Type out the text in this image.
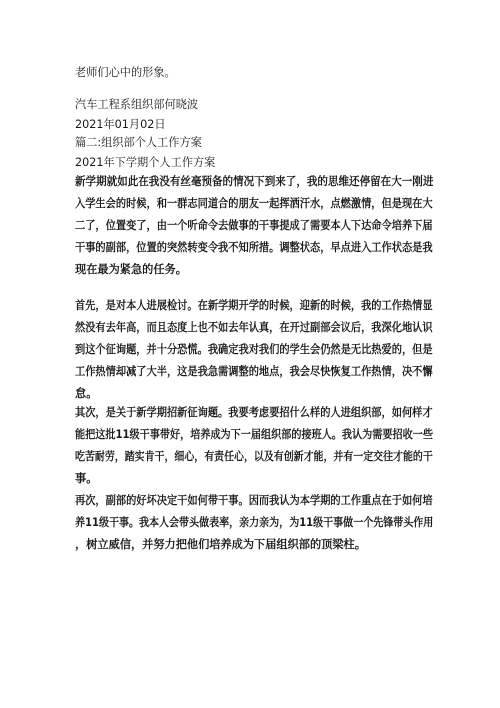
老师们心中的形象。
汽车工程系组织部何晓波
2021年01月02日
篇二:组织部个人工作方案
2021年下学期个人工作方案
新学期就如此在我没有丝毫预备的情况下到来了，我的思维还停留在大一刚进
入学生会的时候，和一群志同道合的朋友一起挥洒汗水，点燃激情，但是现在大
二了，位置变了，由一个听命令去做事的干事提成了需要本人下达命令培养下届
干事的副部，位置的突然转变令我不知所措。调整状态，早点进入工作状态是我
现在最为紧急的任务。
首先，是对本人进展检讨。在新学期开学的时候，迎新的时候，我的工作热情显
然没有去年高，而且态度上也不如去年认真，在开过副部会议后，我深化地认识
到这个征询题，并十分恐慌。我确定我对我们的学生会仍然是无比热爱的，但是
工作热情却减了大半，这是我急需调整的地点，我会尽快恢复工作热情，决不懈
怠。
其次，是关于新学期招新征询题。我要考虑要招什么样的人进组织部，如何样才
能把这批11级干事带好，培养成为下一届组织部的接班人。我认为需要招收一些
吃苦耐劳，踏实肯干，细心，有责任心，以及有创新才能，并有一定交往才能的干
事。
再次，副部的好坏决定干如何带干事。因而我认为本学期的工作重点在于如何培
养11级干事。我本人会带头做表率，亲力亲为，为11级干事做一个先锋带头作用
，树立威信，并努力把他们培养成为下届组织部的顶梁柱。
